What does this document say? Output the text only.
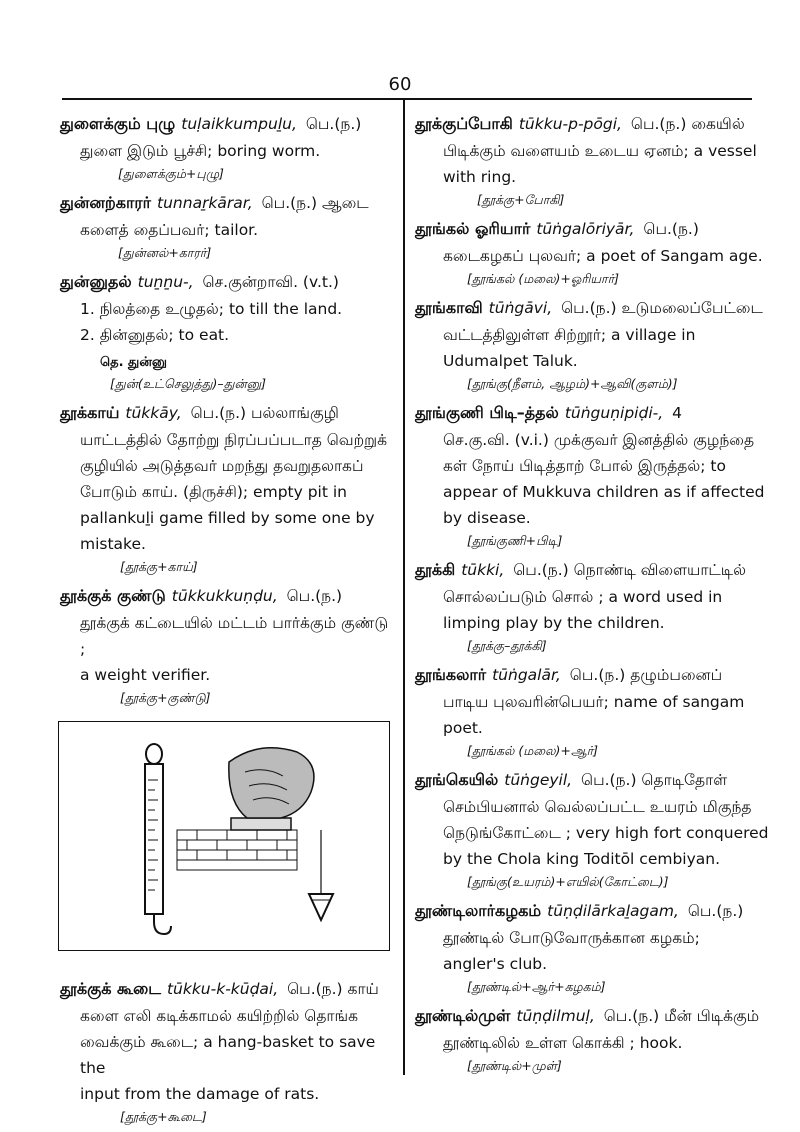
60
துளைக்கும் புழு tuḷaikkumpuḻu, பெ.(ந.)
துளை இடும் பூச்சி; boring worm.
[துளைக்கும்+புழு]
துன்னற்காரர் tunnaṟkārar, பெ.(ந.) ஆடை
களைத் தைப்பவர்; tailor.
[துன்னல்+காரர்]
துன்னுதல் tuṉṉu-, செ.குன்றாவி. (v.t.)
1. நிலத்தை உழுதல்; to till the land.
2. தின்னுதல்; to eat.
தெ. துன்னு
[துன்(உட்செலுத்து)–துன்னு]
தூக்காய் tūkkāy, பெ.(ந.) பல்லாங்குழி
யாட்டத்தில் தோற்று நிரப்பப்படாத வெற்றுக்
குழியில் அடுத்தவர் மறந்து தவறுதலாகப்
போடும் காய். (திருச்சி); empty pit in
pallankuḻi game filled by some one by
mistake.
[தூக்கு+காய்]
தூக்குக் குண்டு tūkkukkuṇḍu, பெ.(ந.)
தூக்குக் கட்டையில் மட்டம் பார்க்கும் குண்டு ;
a weight verifier.
[தூக்கு+குண்டு]
தூக்குக் கூடை tūkku-k-kūḍai, பெ.(ந.) காய்
களை எலி கடிக்காமல் கயிற்றில் தொங்க
வைக்கும் கூடை; a hang-basket to save the
input from the damage of rats.
[தூக்கு+கூடை]
தூக்குப்போகி tūkku-p-pōgi, பெ.(ந.) கையில்
பிடிக்கும் வளையம் உடைய ஏனம்; a vessel
with ring.
[தூக்கு+போகி]
தூங்கல் ஓரியார் tūṅgalōriyār, பெ.(ந.)
கடைகழகப் புலவர்; a poet of Sangam age.
[தூங்கல் (மலை)+ஓரியார்]
தூங்காவி tūṅgāvi, பெ.(ந.) உடுமலைப்பேட்டை
வட்டத்திலுள்ள சிற்றூர்; a village in
Udumalpet Taluk.
[தூங்கு(நீளம், ஆழம்)+ஆவி(குளம்)]
தூங்குணி பிடி–த்தல் tūṅguṇipiḍi-, 4
செ.கு.வி. (v.i.) முக்குவர் இனத்தில் குழந்தை
கள் நோய் பிடித்தாற் போல் இருத்தல்; to
appear of Mukkuva children as if affected
by disease.
[தூங்குணி+பிடி]
தூக்கி tūkki, பெ.(ந.) நொண்டி விளையாட்டில்
சொல்லப்படும் சொல் ; a word used in
limping play by the children.
[தூக்கு–தூக்கி]
தூங்கலார் tūṅgalār, பெ.(ந.) தழும்பனைப்
பாடிய புலவரின்பெயர்; name of sangam
poet.
[தூங்கல் (மலை)+ஆர்]
தூங்கெயில் tūṅgeyil, பெ.(ந.) தொடிதோள்
செம்பியனால் வெல்லப்பட்ட உயரம் மிகுந்த
நெடுங்கோட்டை ; very high fort conquered
by the Chola king Toditōl cembiyan.
[தூங்கு(உயரம்)+எயில்(கோட்டை)]
தூண்டிலார்கழகம் tūṇḍilārkaḻagam, பெ.(ந.)
தூண்டில் போடுவோருக்கான கழகம்;
angler's club.
[தூண்டில்+ஆர்+கழகம்]
தூண்டில்முள் tūṇḍilmuḷ, பெ.(ந.) மீன் பிடிக்கும்
தூண்டிலில் உள்ள கொக்கி ; hook.
[தூண்டில்+முள்]
